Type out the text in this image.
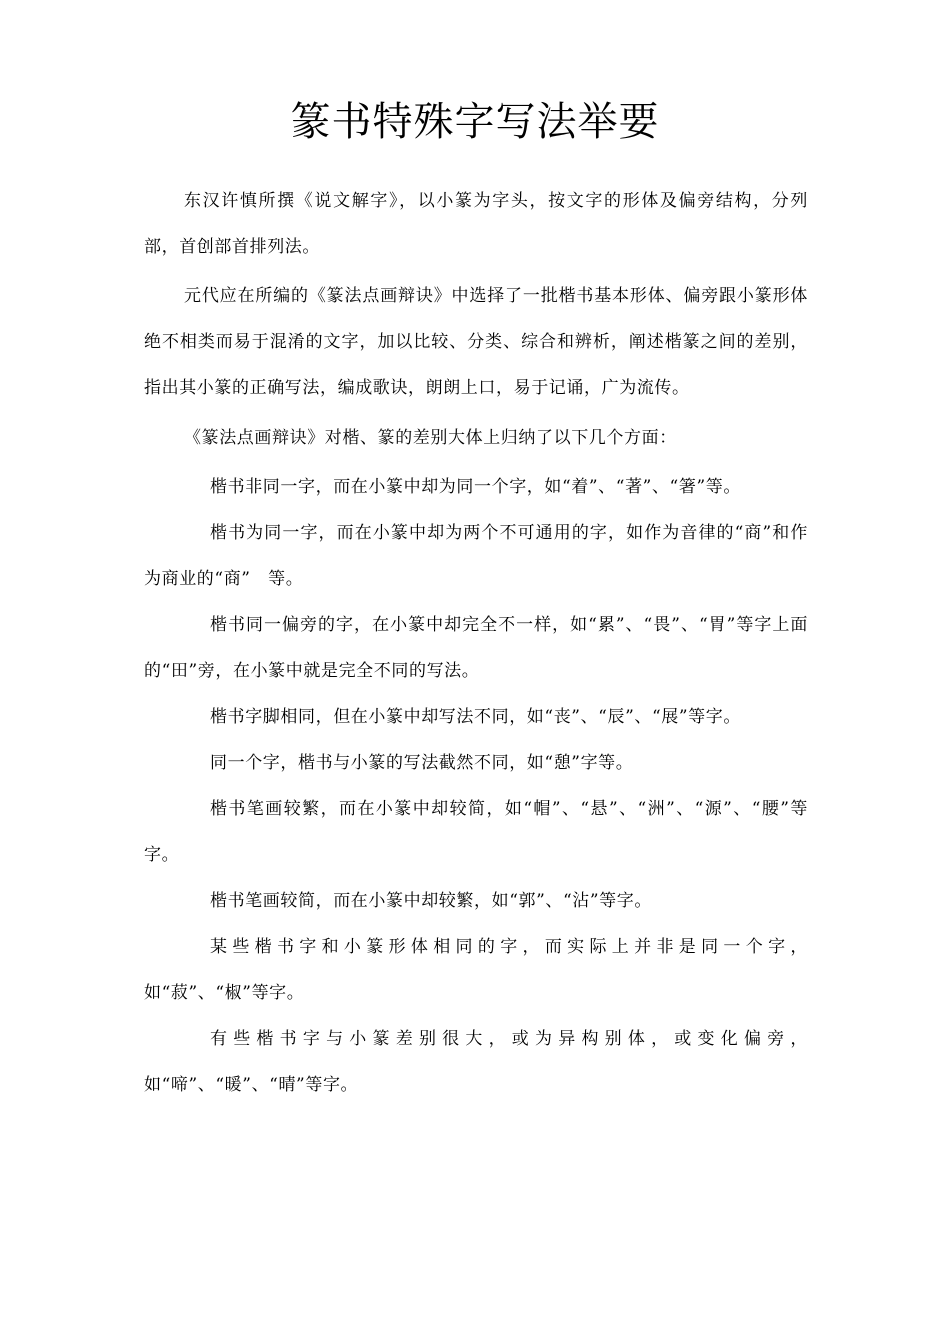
篆书特殊字写法举要

东汉许慎所撰《说文解字》，以小篆为字头，按文字的形体及偏旁结构，分列　　部，首创部首排列法。

元代应在所编的《篆法点画辩诀》中选择了一批楷书基本形体、偏旁跟小篆形体绝不相类而易于混淆的文字，加以比较、分类、综合和辨析，阐述楷篆之间的差别，指出其小篆的正确写法，编成歌诀，朗朗上口，易于记诵，广为流传。

《篆法点画辩诀》对楷、篆的差别大体上归纳了以下几个方面：

楷书非同一字，而在小篆中却为同一个字，如“着”、“著”、“箸”等。

楷书为同一字，而在小篆中却为两个不可通用的字，如作为音律的“商”和作为商业的“商”　等。

楷书同一偏旁的字，在小篆中却完全不一样，如“累”、“畏”、“胃”等字上面的“田”旁，在小篆中就是完全不同的写法。

楷书字脚相同，但在小篆中却写法不同，如“丧”、“辰”、“展”等字。

同一个字，楷书与小篆的写法截然不同，如“憩”字等。

楷书笔画较繁，而在小篆中却较简，如“帽”、“悬”、“洲”、“源”、“腰”等字。

楷书笔画较简，而在小篆中却较繁，如“郭”、“沾”等字。

某些楷书字和小篆形体相同的字，而实际上并非是同一个字，如“菽”、“椒”等字。

有些楷书字与小篆差别很大，或为异构别体，或变化偏旁，如“啼”、“暖”、“晴”等字。
